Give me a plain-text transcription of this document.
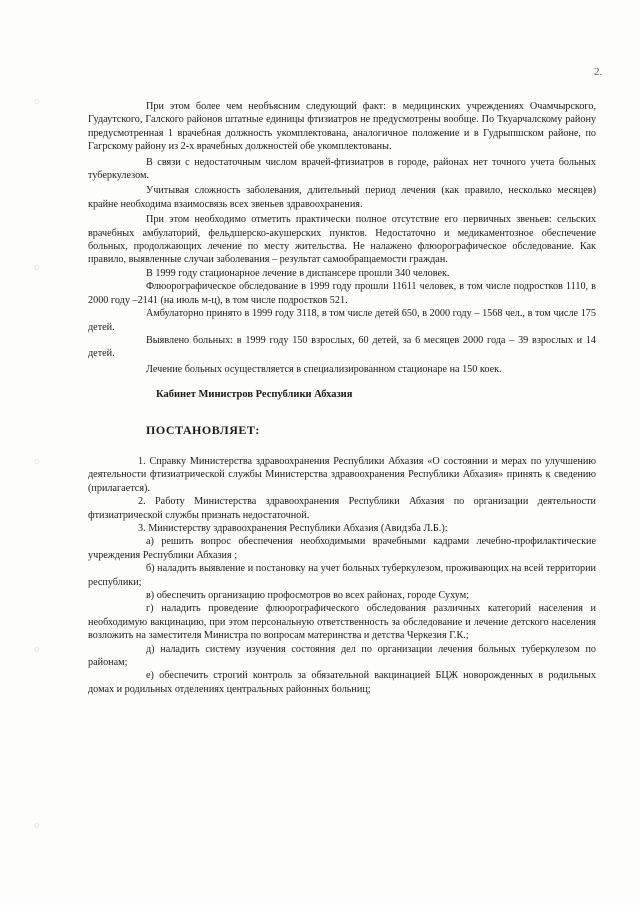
2.
◌
◌
◌
◌
◌

При этом более чем необъясним следующий факт: в медицинских учреждениях Очамчырского, Гудаутского, Галского районов штатные единицы фтизиатров не предусмотрены вообще. По Ткуарчалскому району предусмотренная 1 врачебная должность укомплектована, аналогичное положение и в Гудрыпшском районе, по Гагрскому району из 2-х врачебных должностей обе укомплектованы.

В связи с недостаточным числом врачей-фтизиатров в городе, районах нет точного учета больных туберкулезом.

Учитывая сложность заболевания, длительный период лечения (как правило, несколько месяцев) крайне необходима взаимосвязь всех звеньев здравоохранения.

При этом необходимо отметить практически полное отсутствие его первичных звеньев: сельских врачебных амбулаторий, фельдшерско-акушерских пунктов. Недостаточно и медикаментозное обеспечение больных, продолжающих лечение по месту жительства. Не налажено флюорографическое обследование. Как правило, выявленные случаи заболевания – результат самообращаемости граждан.

В 1999 году стационарное лечение в диспансере прошли 340 человек.

Флюорографическое обследование в 1999 году прошли 11611 человек, в том числе подростков 1110, в 2000 году –2141 (на июль м-ц), в том числе подростков 521.

Амбулаторно принято в 1999 году 3118, в том числе детей 650, в 2000 году – 1568 чел., в том числе 175 детей.

Выявлено больных: в 1999 году 150 взрослых, 60 детей, за 6 месяцев 2000 года – 39 взрослых и 14 детей.

Лечение больных осуществляется в специализированном стационаре на 150 коек.

Кабинет Министров Республики Абхазия

ПОСТАНОВЛЯЕТ:

1. Справку Министерства здравоохранения Республики Абхазия «О состоянии и мерах по улучшению деятельности фтизиатрической службы Министерства здравоохранения Республики Абхазия» принять к сведению (прилагается).

2. Работу Министерства здравоохранения Республики Абхазия по организации деятельности фтизиатрической службы признать недостаточной.

3. Министерству здравоохранения Республики Абхазия (Авидзба Л.Б.):

а) решить вопрос обеспечения необходимыми врачебными кадрами лечебно-профилактические учреждения Республики Абхазия ;

б) наладить выявление и постановку на учет больных туберкулезом, проживающих на всей территории республики;

в) обеспечить организацию профосмотров во всех районах, городе Сухум;

г) наладить проведение флюорографического обследования различных категорий населения и необходимую вакцинацию, при этом персональную ответственность за обследование и лечение детского населения возложить на заместителя Министра по вопросам материнства и детства Черкезия Г.К.;

д) наладить систему изучения состояния дел по организации лечения больных туберкулезом по районам;

е) обеспечить строгий контроль за обязательной вакцинацией БЦЖ новорожденных в родильных домах и родильных отделениях центральных районных больниц;
